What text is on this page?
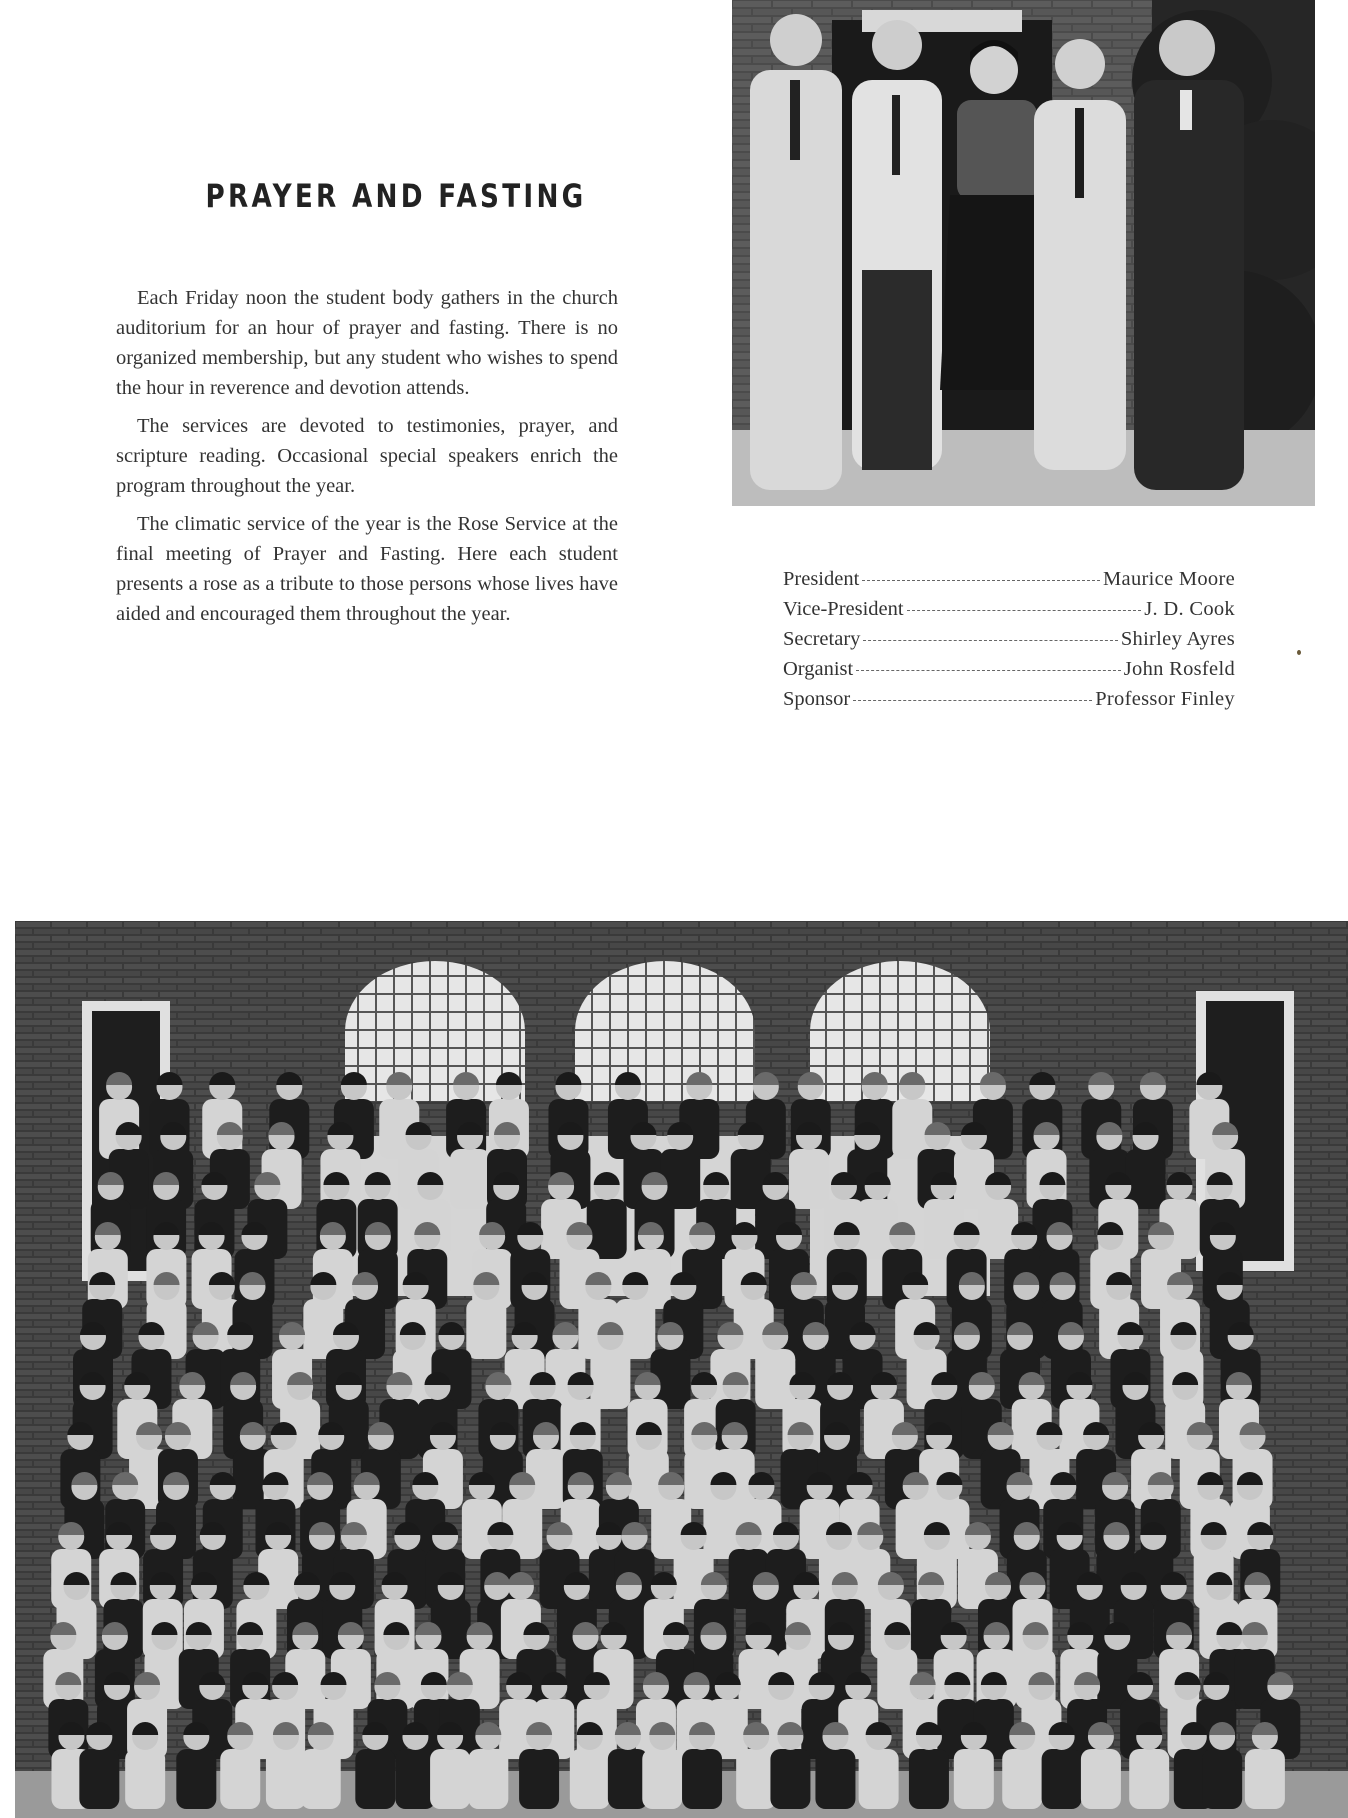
PRAYER AND FASTING

Each Friday noon the student body gathers in the church auditorium for an hour of prayer and fasting. There is no organized membership, but any student who wishes to spend the hour in reverence and devotion attends.

The services are devoted to testimonies, prayer, and scripture reading. Occasional special speakers enrich the program throughout the year.

The climatic service of the year is the Rose Service at the final meeting of Prayer and Fasting. Here each student presents a rose as a tribute to those persons whose lives have aided and encouraged them throughout the year.

President	Maurice Moore
Vice-President	J. D. Cook
Secretary	Shirley Ayres
Organist	John Rosfeld
Sponsor	Professor Finley
